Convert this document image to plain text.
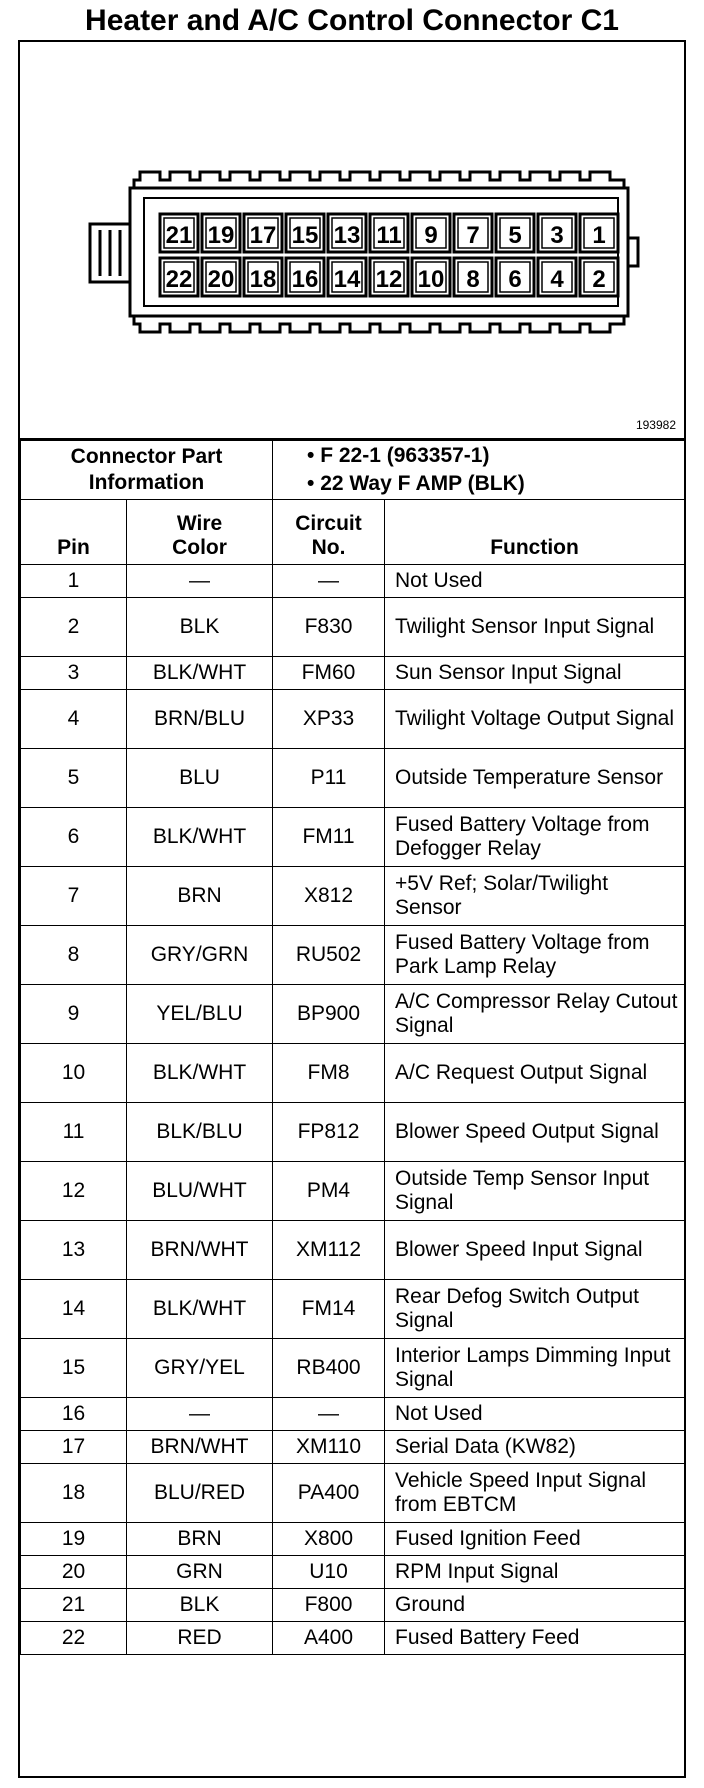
Heater and A/C Control Connector C1
21 19 17 15 13 11 9 7 5 3 1
22 20 18 16 14 12 10 8 6 4 2
193982
Connector Part Information		• F 22-1 (963357-1)
• 22 Way F AMP (BLK)	

Pin	Wire Color	Circuit No.	Function
1	—	—	Not Used
2	BLK	F830	Twilight Sensor Input Signal
3	BLK/WHT	FM60	Sun Sensor Input Signal
4	BRN/BLU	XP33	Twilight Voltage Output Signal
5	BLU	P11	Outside Temperature Sensor
6	BLK/WHT	FM11	Fused Battery Voltage from Defogger Relay
7	BRN	X812	+5V Ref; Solar/Twilight Sensor
8	GRY/GRN	RU502	Fused Battery Voltage from Park Lamp Relay
9	YEL/BLU	BP900	A/C Compressor Relay Cutout Signal
10	BLK/WHT	FM8	A/C Request Output Signal
11	BLK/BLU	FP812	Blower Speed Output Signal
12	BLU/WHT	PM4	Outside Temp Sensor Input Signal
13	BRN/WHT	XM112	Blower Speed Input Signal
14	BLK/WHT	FM14	Rear Defog Switch Output Signal
15	GRY/YEL	RB400	Interior Lamps Dimming Input Signal
16	—	—	Not Used
17	BRN/WHT	XM110	Serial Data (KW82)
18	BLU/RED	PA400	Vehicle Speed Input Signal from EBTCM
19	BRN	X800	Fused Ignition Feed
20	GRN	U10	RPM Input Signal
21	BLK	F800	Ground
22	RED	A400	Fused Battery Feed
